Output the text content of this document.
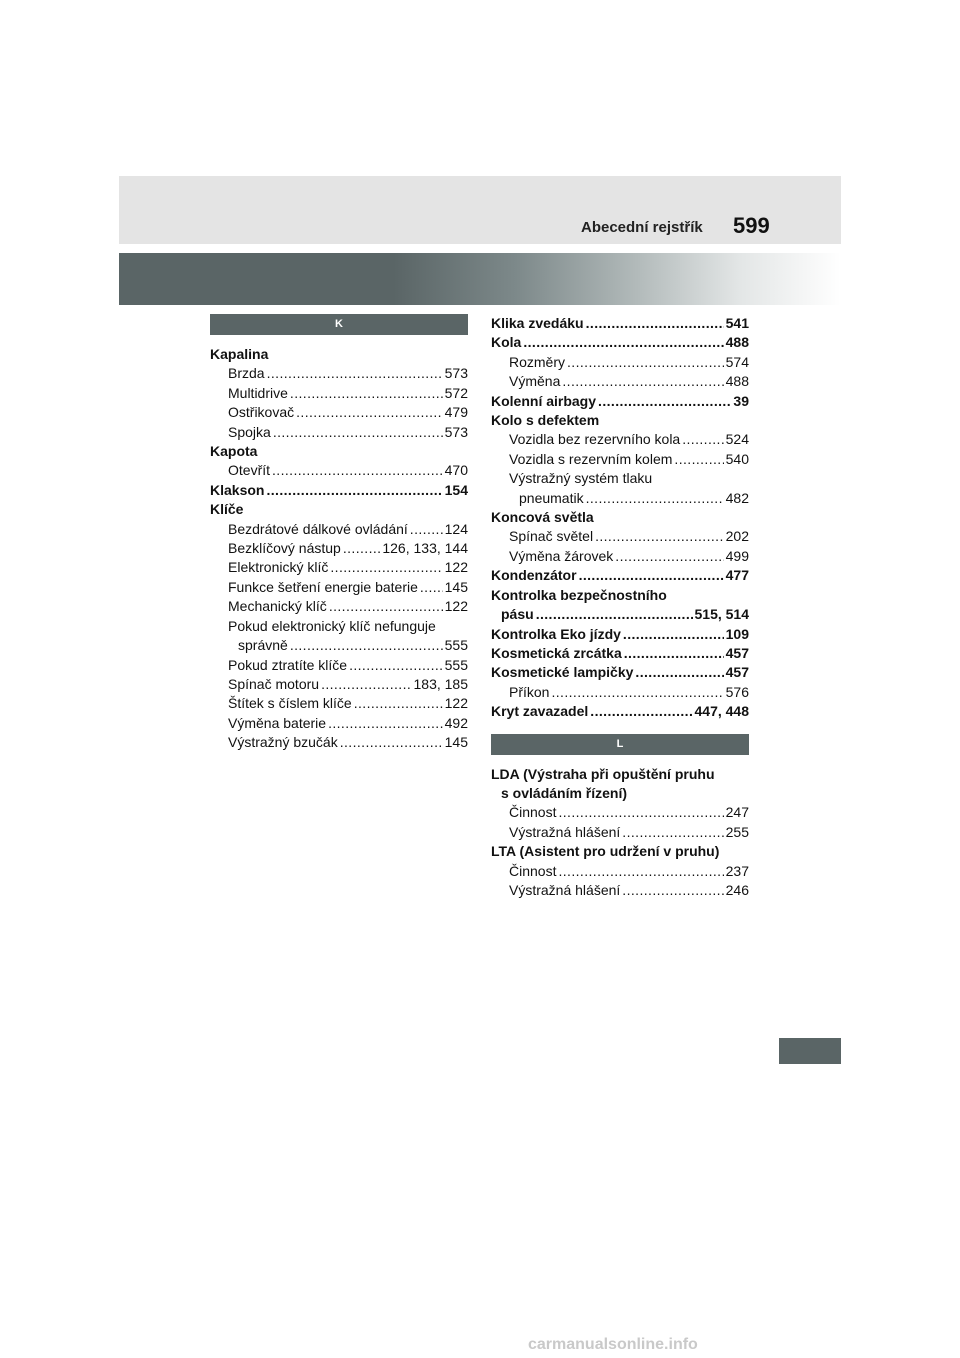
Abecední rejstřík 599
K
Kapalina
Brzda .....	573
Multidrive .....	572
Ostřikovač .....	479
Spojka .....	573
Kapota
Otevřít .....	470
Klakson .....	154
Klíče
Bezdrátové dálkové ovládání .....	124
Bezklíčový nástup .....	126, 133, 144
Elektronický klíč .....	122
Funkce šetření energie baterie ..... 145
Mechanický klíč .....	122
Pokud elektronický klíč nefunguje
správně .....	555
Pokud ztratíte klíče .....	555
Spínač motoru .....	183, 185
Štítek s číslem klíče .....	122
Výměna baterie .....	492
Výstražný bzučák .....	145
Klika zvedáku .....	541
Kola .....	488
Rozměry .....	574
Výměna .....	488
Kolenní airbagy .....	39
Kolo s defektem
Vozidla bez rezervního kola .....	524
Vozidla s rezervním kolem .....	540
Výstražný systém tlaku
pneumatik .....	482
Koncová světla
Spínač světel .....	202
Výměna žárovek .....	499
Kondenzátor .....	477
Kontrolka bezpečnostního
pásu .....	515, 514
Kontrolka Eko jízdy .....	109
Kosmetická zrcátka .....	457
Kosmetické lampičky .....	457
Příkon .....	576
Kryt zavazadel .....	447, 448
L
LDA (Výstraha při opuštění pruhu
s ovládáním řízení)
Činnost .....	247
Výstražná hlášení .....	255
LTA (Asistent pro udržení v pruhu)
Činnost .....	237
Výstražná hlášení .....	246
carmanualsonline.info
